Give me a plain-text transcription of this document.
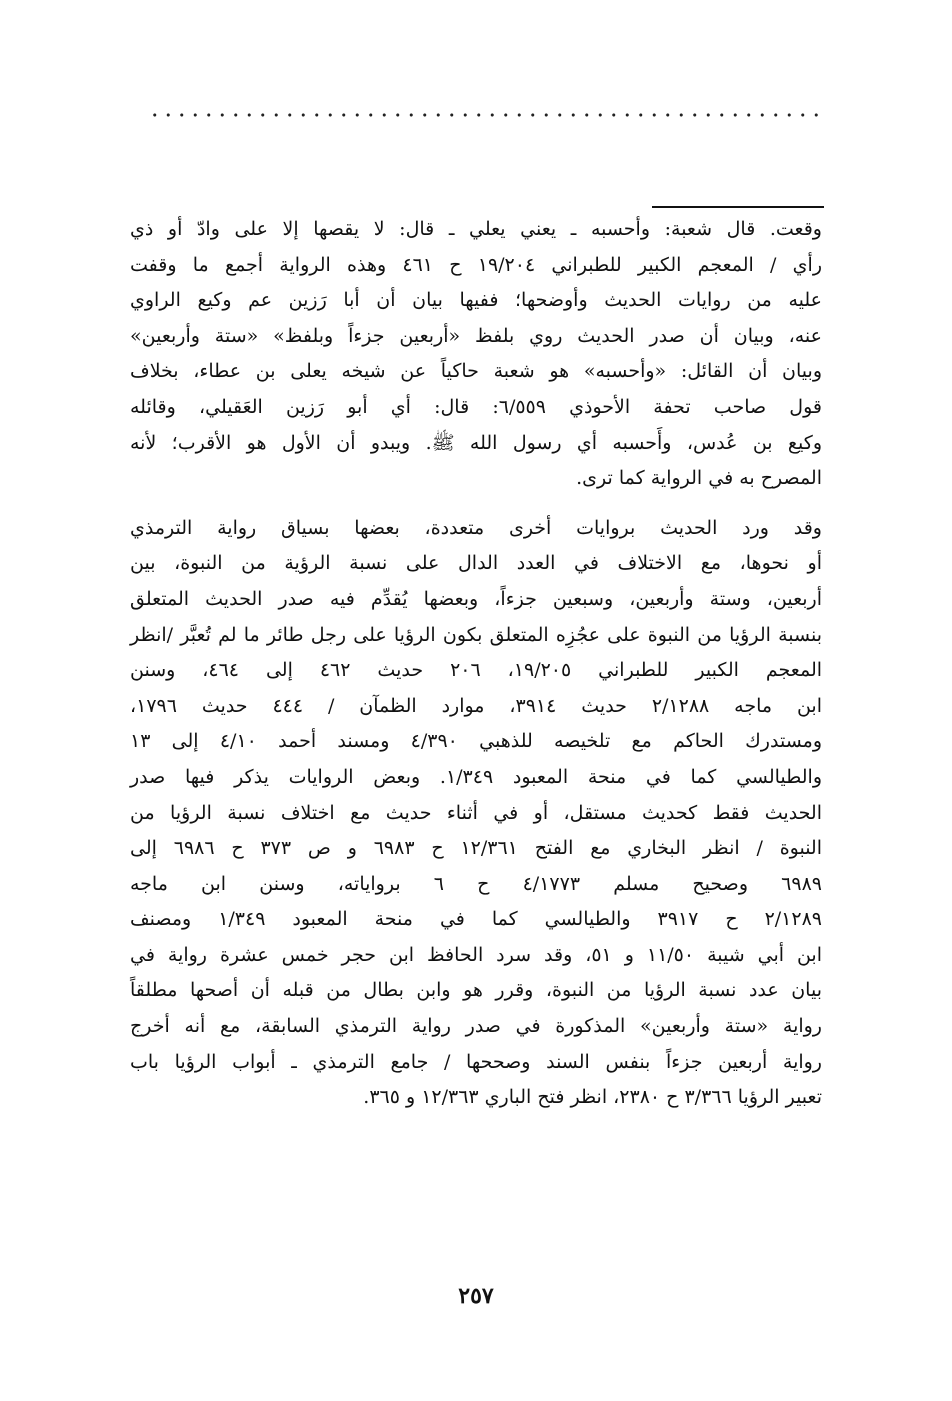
وقعت. قال شعبة: وأحسبه ـ يعني يعلي ـ قال: لا يقصها إلا على وادّ أو ذي
رأي / المعجم الكبير للطبراني ١٩/٢٠٤ ح ٤٦١ وهذه الرواية أجمع ما وقفت
عليه من روايات الحديث وأوضحها؛ ففيها بيان أن أبا رَزين عم وكيع الراوي
عنه، وبيان أن صدر الحديث روي بلفظ «أربعين جزءاً وبلفظ» «ستة وأربعين»
وبيان أن القائل: «وأحسبه» هو شعبة حاكياً عن شيخه يعلى بن عطاء، بخلاف
قول صاحب تحفة الأحوذي ٦/٥٥٩: قال: أي أبو رَزين العَقيلي، وقائله
وكيع بن عُدس، وأَحسبه أي رسول الله ﷺ. ويبدو أن الأول هو الأقرب؛ لأنه
المصرح به في الرواية كما ترى.

وقد ورد الحديث بروايات أخرى متعددة، بعضها بسياق رواية الترمذي
أو نحوها، مع الاختلاف في العدد الدال على نسبة الرؤية من النبوة، بين
أربعين، وستة وأربعين، وسبعين جزءاً، وبعضها يُقدِّم فيه صدر الحديث المتعلق
بنسبة الرؤيا من النبوة على عجُزِه المتعلق بكون الرؤيا على رجل طائر ما لم تُعبَّر /انظر
المعجم الكبير للطبراني ١٩/٢٠٥، ٢٠٦ حديث ٤٦٢ إلى ٤٦٤، وسنن
ابن ماجه ٢/١٢٨٨ حديث ٣٩١٤، موارد الظمآن / ٤٤٤ حديث ١٧٩٦،
ومستدرك الحاكم مع تلخيصه للذهبي ٤/٣٩٠ ومسند أحمد ٤/١٠ إلى ١٣
والطيالسي كما في منحة المعبود ١/٣٤٩. وبعض الروايات يذكر فيها صدر
الحديث فقط كحديث مستقل، أو في أثناء حديث مع اختلاف نسبة الرؤيا من
النبوة / انظر البخاري مع الفتح ١٢/٣٦١ ح ٦٩٨٣ و ص ٣٧٣ ح ٦٩٨٦ إلى
٦٩٨٩ وصحيح مسلم ٤/١٧٧٣ ح ٦ برواياته، وسنن ابن ماجه
٢/١٢٨٩ ح ٣٩١٧ والطيالسي كما في منحة المعبود ١/٣٤٩ ومصنف
ابن أبي شيبة ١١/٥٠ و ٥١، وقد سرد الحافظ ابن حجر خمس عشرة رواية في
بيان عدد نسبة الرؤيا من النبوة، وقرر هو وابن بطال من قبله أن أصحها مطلقاً
رواية «ستة وأربعين» المذكورة في صدر رواية الترمذي السابقة، مع أنه أخرج
رواية أربعين جزءاً بنفس السند وصححها / جامع الترمذي ـ أبواب الرؤيا باب
تعبير الرؤيا ٣/٣٦٦ ح ٢٣٨٠، انظر فتح الباري ١٢/٣٦٣ و ٣٦٥.

٢٥٧
